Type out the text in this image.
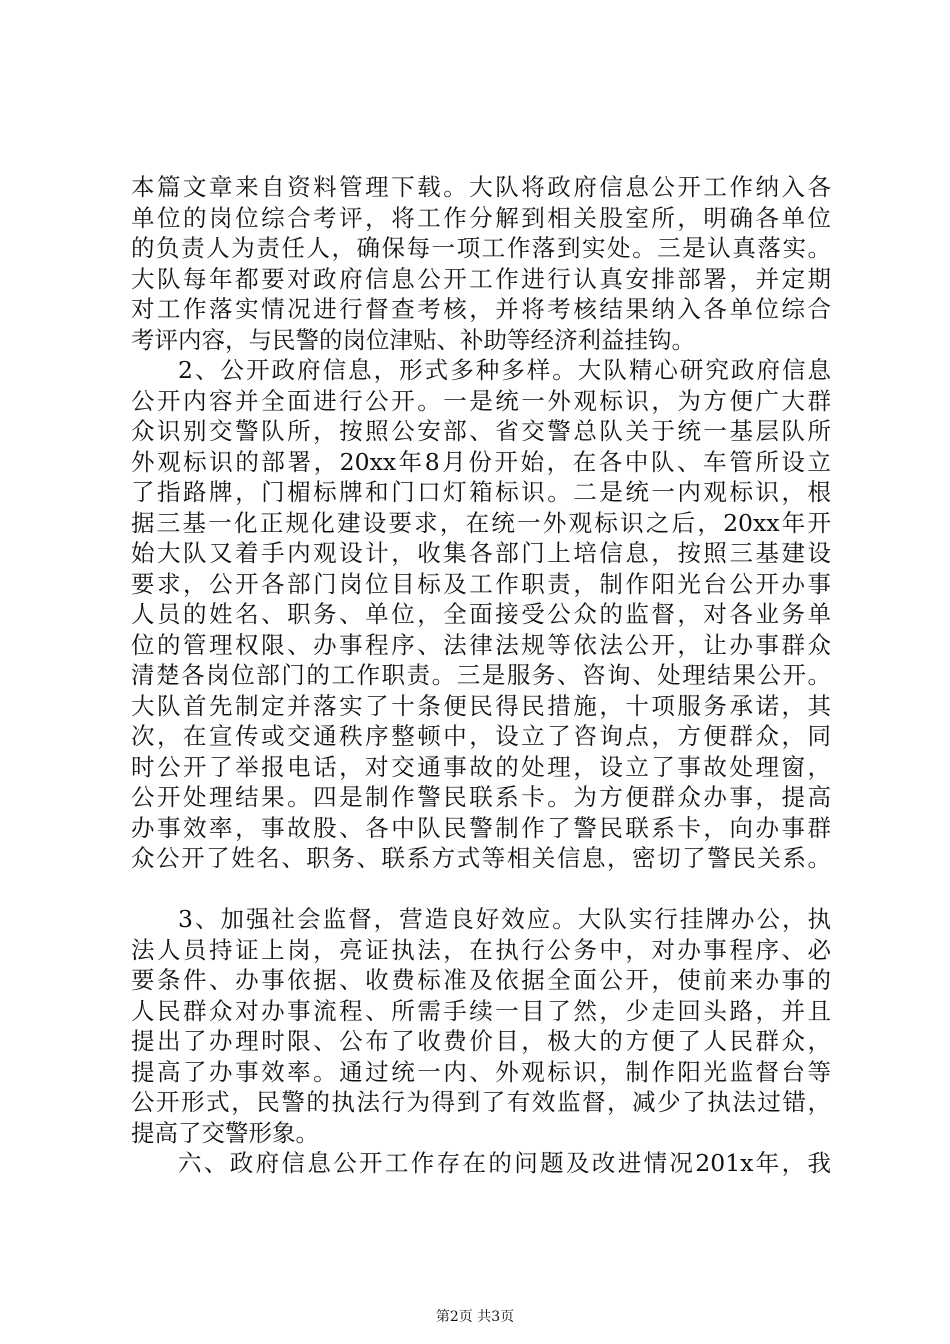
本篇文章来自资料管理下载。大队将政府信息公开工作纳入各
单位的岗位综合考评，将工作分解到相关股室所，明确各单位
的负责人为责任人，确保每一项工作落到实处。三是认真落实。
大队每年都要对政府信息公开工作进行认真安排部署，并定期
对工作落实情况进行督查考核，并将考核结果纳入各单位综合
考评内容，与民警的岗位津贴、补助等经济利益挂钩。
2、公开政府信息，形式多种多样。大队精心研究政府信息
公开内容并全面进行公开。一是统一外观标识，为方便广大群
众识别交警队所，按照公安部、省交警总队关于统一基层队所
外观标识的部署，20xx年8月份开始，在各中队、车管所设立
了指路牌，门楣标牌和门口灯箱标识。二是统一内观标识，根
据三基一化正规化建设要求，在统一外观标识之后，20xx年开
始大队又着手内观设计，收集各部门上培信息，按照三基建设
要求，公开各部门岗位目标及工作职责，制作阳光台公开办事
人员的姓名、职务、单位，全面接受公众的监督，对各业务单
位的管理权限、办事程序、法律法规等依法公开，让办事群众
清楚各岗位部门的工作职责。三是服务、咨询、处理结果公开。
大队首先制定并落实了十条便民得民措施，十项服务承诺，其
次，在宣传或交通秩序整顿中，设立了咨询点，方便群众，同
时公开了举报电话，对交通事故的处理，设立了事故处理窗，
公开处理结果。四是制作警民联系卡。为方便群众办事，提高
办事效率，事故股、各中队民警制作了警民联系卡，向办事群
众公开了姓名、职务、联系方式等相关信息，密切了警民关系。
3、加强社会监督，营造良好效应。大队实行挂牌办公，执
法人员持证上岗，亮证执法，在执行公务中，对办事程序、必
要条件、办事依据、收费标准及依据全面公开，使前来办事的
人民群众对办事流程、所需手续一目了然，少走回头路，并且
提出了办理时限、公布了收费价目，极大的方便了人民群众，
提高了办事效率。通过统一内、外观标识，制作阳光监督台等
公开形式，民警的执法行为得到了有效监督，减少了执法过错，
提高了交警形象。
六、政府信息公开工作存在的问题及改进情况201x年，我
第2页 共3页
